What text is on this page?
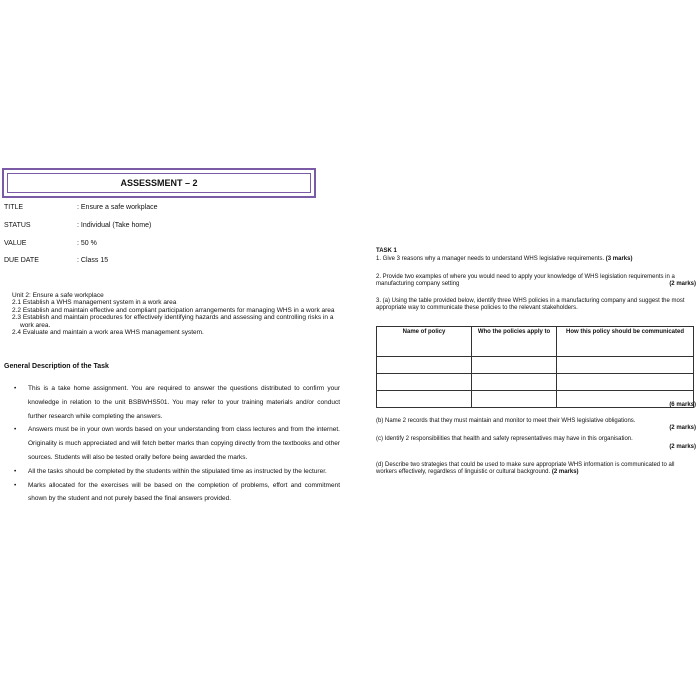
ASSESSMENT – 2
TITLE	: Ensure a safe workplace
STATUS	: Individual (Take home)
VALUE	: 50 %
DUE DATE	: Class 15
Unit 2: Ensure a safe workplace
2.1 Establish a WHS management system in a work area
2.2 Establish and maintain effective and compliant participation arrangements for managing WHS in a work area
2.3 Establish and maintain procedures for effectively identifying hazards and assessing and controlling risks in a work area.
2.4 Evaluate and maintain a work area WHS management system.
General Description of the Task
• This is a take home assignment. You are required to answer the questions distributed to confirm your knowledge in relation to the unit BSBWHS501. You may refer to your training materials and/or conduct further research while completing the answers.
• Answers must be in your own words based on your understanding from class lectures and from the internet. Originality is much appreciated and will fetch better marks than copying directly from the textbooks and other sources. Students will also be tested orally before being awarded the marks.
• All the tasks should be completed by the students within the stipulated time as instructed by the lecturer.
• Marks allocated for the exercises will be based on the completion of problems, effort and commitment shown by the student and not purely based the final answers provided.
TASK 1
1. Give 3 reasons why a manager needs to understand WHS legislative requirements. (3 marks)
2. Provide two examples of where you would need to apply your knowledge of WHS legislation requirements in a manufacturing company setting	(2 marks)
3. (a) Using the table provided below, identify three WHS policies in a manufacturing company and suggest the most appropriate way to communicate these policies to the relevant stakeholders.
Name of policy	Who the policies apply to	How this policy should be communicated

(6 marks)
(b) Name 2 records that they must maintain and monitor to meet their WHS legislative obligations.
(2 marks)
(c) Identify 2 responsibilities that health and safety representatives may have in this organisation.
(2 marks)
(d) Describe two strategies that could be used to make sure appropriate WHS information is communicated to all workers effectively, regardless of linguistic or cultural background. (2 marks)
